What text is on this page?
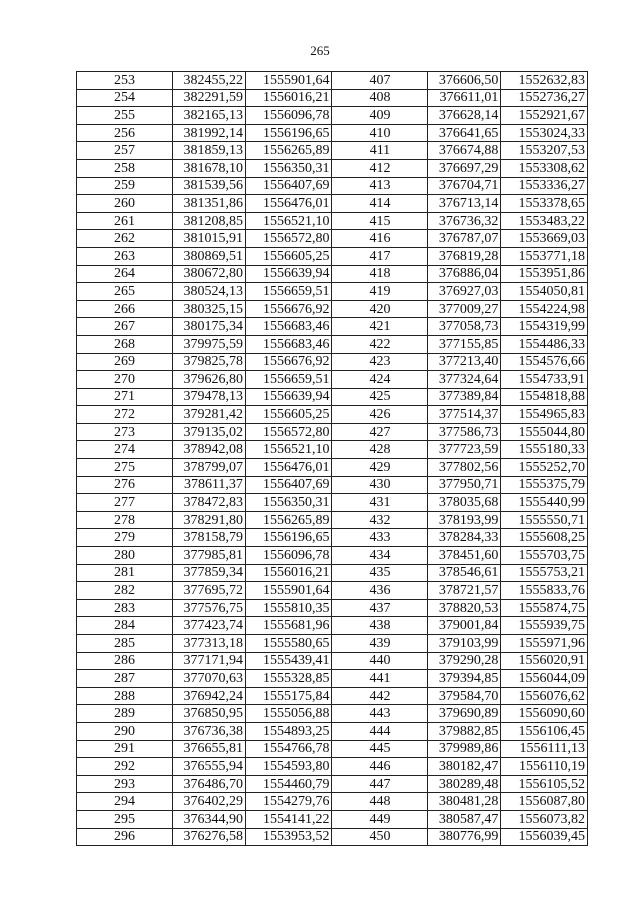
265
253	382455,22	1555901,64	407	376606,50	1552632,83
254	382291,59	1556016,21	408	376611,01	1552736,27
255	382165,13	1556096,78	409	376628,14	1552921,67
256	381992,14	1556196,65	410	376641,65	1553024,33
257	381859,13	1556265,89	411	376674,88	1553207,53
258	381678,10	1556350,31	412	376697,29	1553308,62
259	381539,56	1556407,69	413	376704,71	1553336,27
260	381351,86	1556476,01	414	376713,14	1553378,65
261	381208,85	1556521,10	415	376736,32	1553483,22
262	381015,91	1556572,80	416	376787,07	1553669,03
263	380869,51	1556605,25	417	376819,28	1553771,18
264	380672,80	1556639,94	418	376886,04	1553951,86
265	380524,13	1556659,51	419	376927,03	1554050,81
266	380325,15	1556676,92	420	377009,27	1554224,98
267	380175,34	1556683,46	421	377058,73	1554319,99
268	379975,59	1556683,46	422	377155,85	1554486,33
269	379825,78	1556676,92	423	377213,40	1554576,66
270	379626,80	1556659,51	424	377324,64	1554733,91
271	379478,13	1556639,94	425	377389,84	1554818,88
272	379281,42	1556605,25	426	377514,37	1554965,83
273	379135,02	1556572,80	427	377586,73	1555044,80
274	378942,08	1556521,10	428	377723,59	1555180,33
275	378799,07	1556476,01	429	377802,56	1555252,70
276	378611,37	1556407,69	430	377950,71	1555375,79
277	378472,83	1556350,31	431	378035,68	1555440,99
278	378291,80	1556265,89	432	378193,99	1555550,71
279	378158,79	1556196,65	433	378284,33	1555608,25
280	377985,81	1556096,78	434	378451,60	1555703,75
281	377859,34	1556016,21	435	378546,61	1555753,21
282	377695,72	1555901,64	436	378721,57	1555833,76
283	377576,75	1555810,35	437	378820,53	1555874,75
284	377423,74	1555681,96	438	379001,84	1555939,75
285	377313,18	1555580,65	439	379103,99	1555971,96
286	377171,94	1555439,41	440	379290,28	1556020,91
287	377070,63	1555328,85	441	379394,85	1556044,09
288	376942,24	1555175,84	442	379584,70	1556076,62
289	376850,95	1555056,88	443	379690,89	1556090,60
290	376736,38	1554893,25	444	379882,85	1556106,45
291	376655,81	1554766,78	445	379989,86	1556111,13
292	376555,94	1554593,80	446	380182,47	1556110,19
293	376486,70	1554460,79	447	380289,48	1556105,52
294	376402,29	1554279,76	448	380481,28	1556087,80
295	376344,90	1554141,22	449	380587,47	1556073,82
296	376276,58	1553953,52	450	380776,99	1556039,45
